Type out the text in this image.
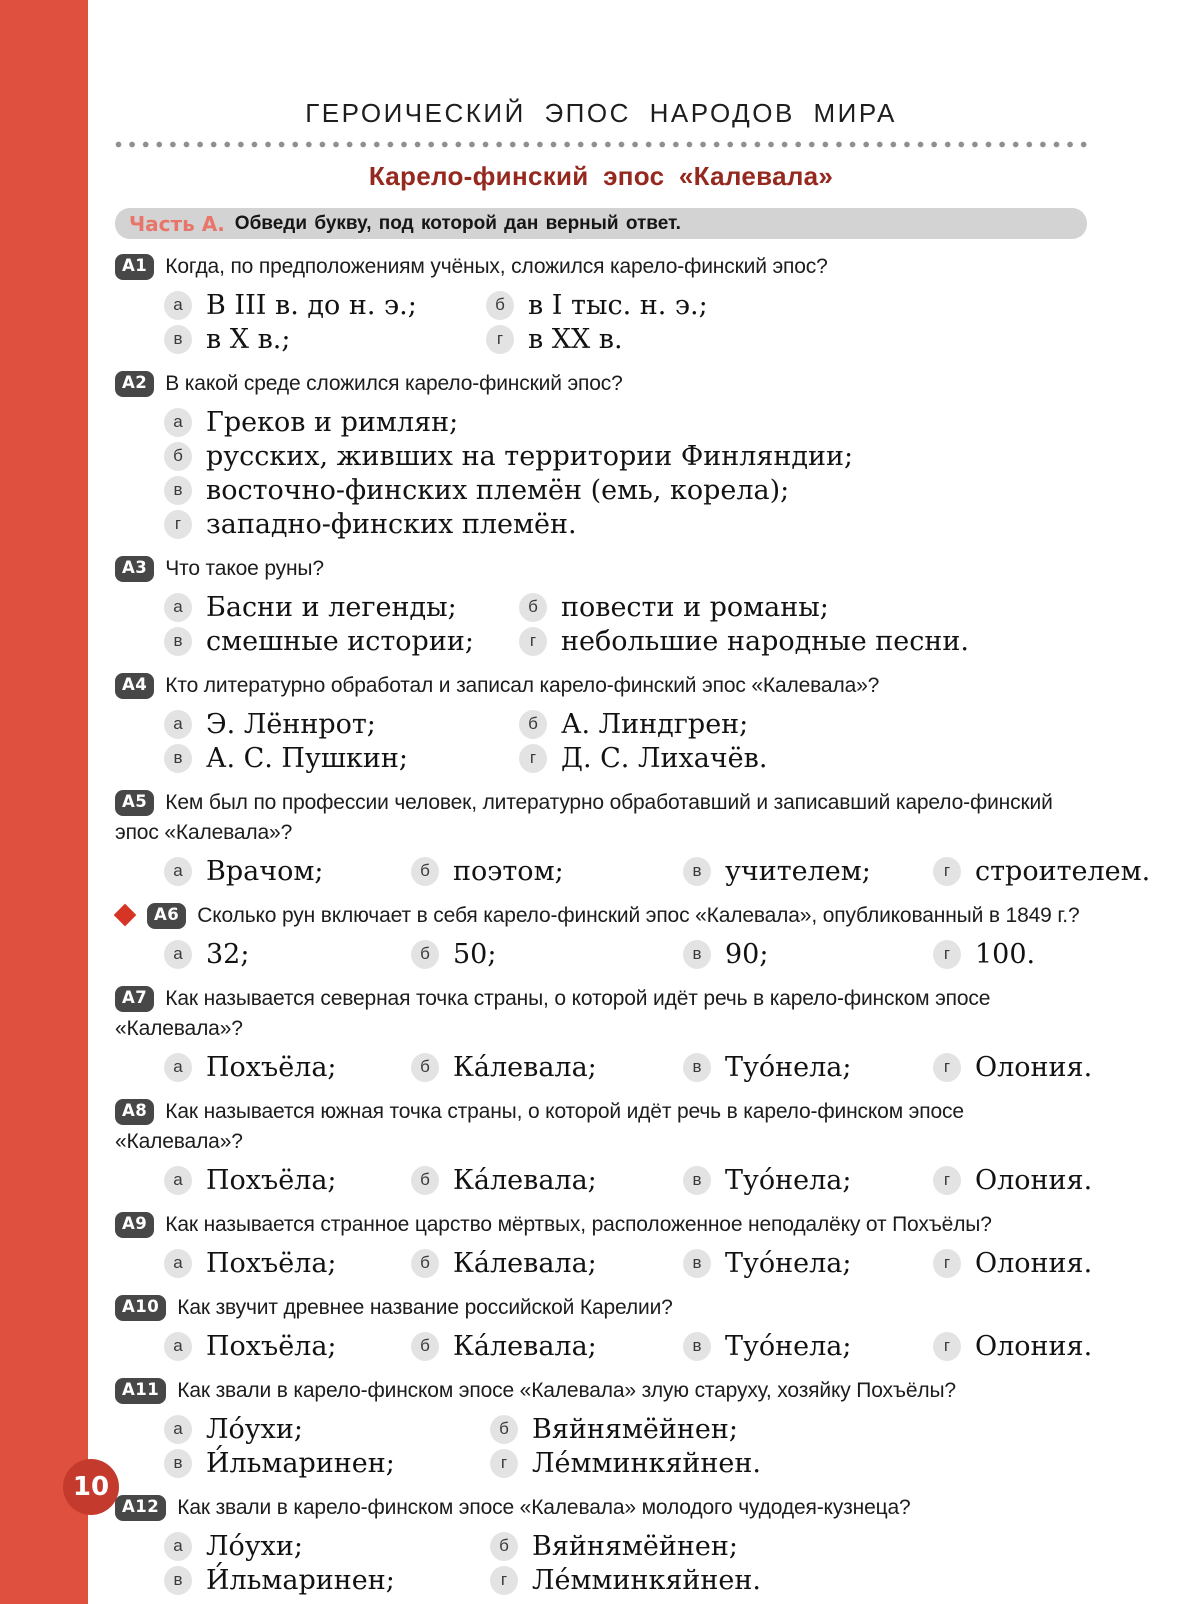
10
ГЕРОИЧЕСКИЙ ЭПОС НАРОДОВ МИРА
Карело-финский эпос «Калевала»
Часть А. Обведи букву, под которой дан верный ответ.
А1 Когда, по предположениям учёных, сложился карело-финский эпос?
а В III в. до н. э.;	б в I тыс. н. э.;
в в X в.;	г в XX в.
А2 В какой среде сложился карело-финский эпос?
а Греков и римлян;
б русских, живших на территории Финляндии;
в восточно-финских племён (емь, корела);
г западно-финских племён.
А3 Что такое руны?
а Басни и легенды;	б повести и романы;
в смешные истории;	г небольшие народные песни.
А4 Кто литературно обработал и записал карело-финский эпос «Калевала»?
а Э. Лённрот;	б А. Линдгрен;
в А. С. Пушкин;	г Д. С. Лихачёв.
А5 Кем был по профессии человек, литературно обработавший и записавший карело-финский эпос «Калевала»?
а Врачом;	б поэтом;	в учителем;	г строителем.
А6 Сколько рун включает в себя карело-финский эпос «Калевала», опубликованный в 1849 г.?
а 32;	б 50;	в 90;	г 100.
А7 Как называется северная точка страны, о которой идёт речь в карело-финском эпосе «Калевала»?
а Похъёла;	б Ка́левала;	в Туо́нела;	г Олония.
А8 Как называется южная точка страны, о которой идёт речь в карело-финском эпосе «Калевала»?
а Похъёла;	б Ка́левала;	в Туо́нела;	г Олония.
А9 Как называется странное царство мёртвых, расположенное неподалёку от Похъёлы?
а Похъёла;	б Ка́левала;	в Туо́нела;	г Олония.
А10 Как звучит древнее название российской Карелии?
а Похъёла;	б Ка́левала;	в Туо́нела;	г Олония.
А11 Как звали в карело-финском эпосе «Калевала» злую старуху, хозяйку Похъёлы?
а Ло́ухи;	б Вяйнямёйнен;
в И́льмаринен;	г Ле́мминкяйнен.
А12 Как звали в карело-финском эпосе «Калевала» молодого чудодея-кузнеца?
а Ло́ухи;	б Вяйнямёйнен;
в И́льмаринен;	г Ле́мминкяйнен.
